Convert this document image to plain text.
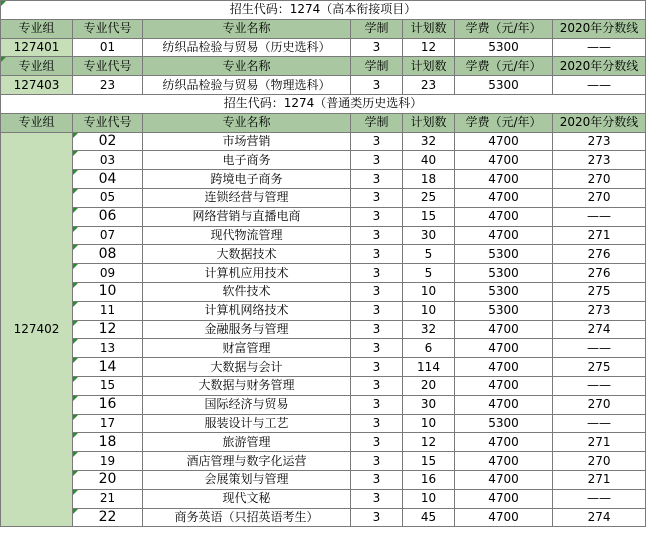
招生代码：1274（高本衔接项目）						
专业组	专业代号	专业名称	学制	计划数	学费（元/年）	2020年分数线
127401	01	纺织品检验与贸易（历史选科）	3	12	5300	——
专业组	专业代号	专业名称	学制	计划数	学费（元/年）	2020年分数线
127403	23	纺织品检验与贸易（物理选科）	3	23	5300	——
招生代码：1274（普通类历史选科）						
专业组	专业代号	专业名称	学制	计划数	学费（元/年）	2020年分数线
127402	02	市场营销	3	32	4700	273
	03	电子商务	3	40	4700	273
	04	跨境电子商务	3	18	4700	270
	05	连锁经营与管理	3	25	4700	270
	06	网络营销与直播电商	3	15	4700	——
	07	现代物流管理	3	30	4700	271
	08	大数据技术	3	5	5300	276
	09	计算机应用技术	3	5	5300	276
	10	软件技术	3	10	5300	275
	11	计算机网络技术	3	10	5300	273
	12	金融服务与管理	3	32	4700	274
	13	财富管理	3	6	4700	——
	14	大数据与会计	3	114	4700	275
	15	大数据与财务管理	3	20	4700	——
	16	国际经济与贸易	3	30	4700	270
	17	服装设计与工艺	3	10	5300	——
	18	旅游管理	3	12	4700	271
	19	酒店管理与数字化运营	3	15	4700	270
	20	会展策划与管理	3	16	4700	271
	21	现代文秘	3	10	4700	——
	22	商务英语（只招英语考生）	3	45	4700	274
